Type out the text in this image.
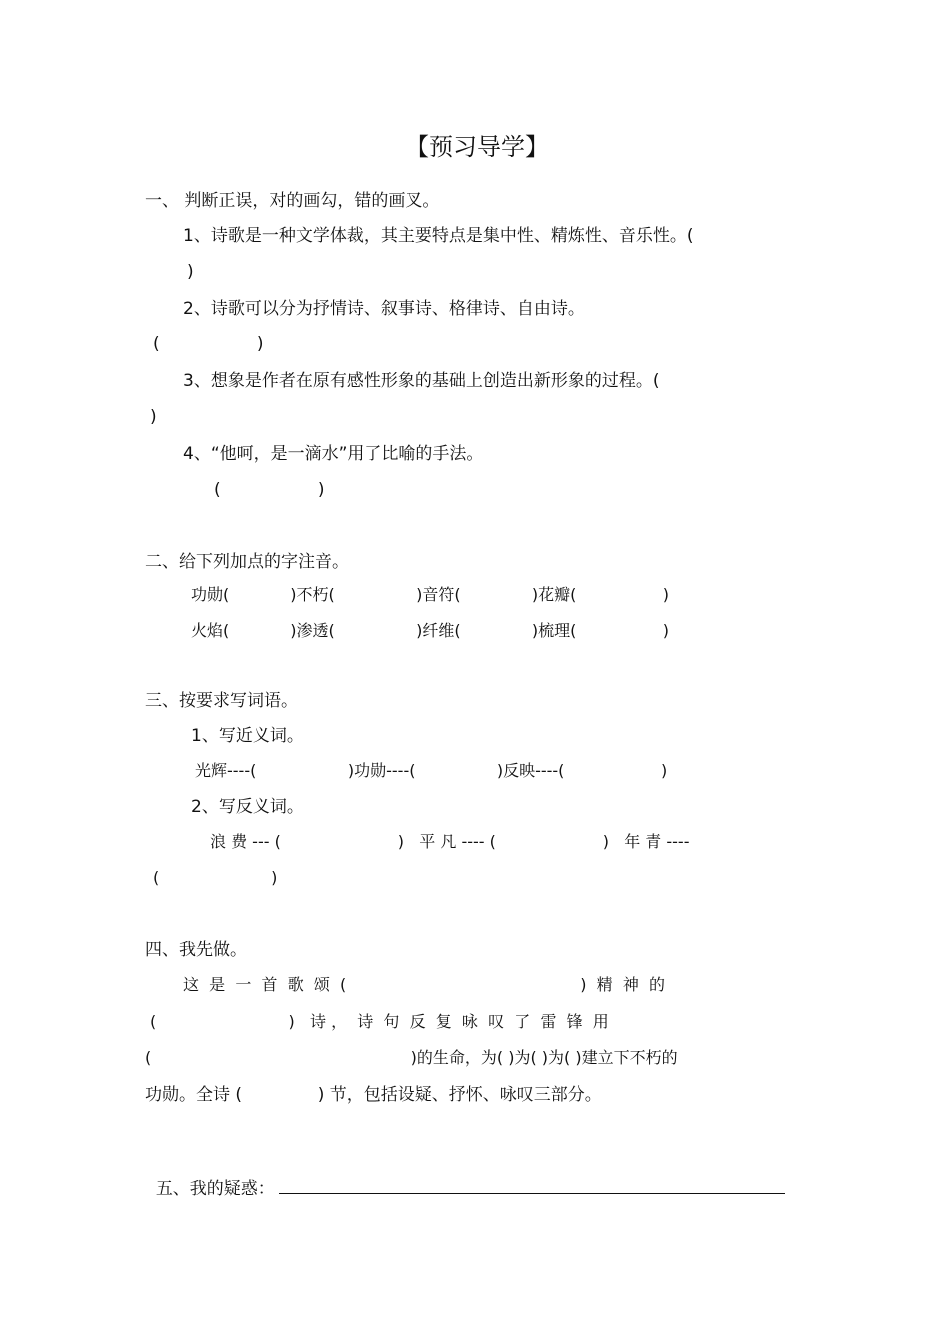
【预习导学】
一、 判断正误，对的画勾，错的画叉。
1、诗歌是一种文学体裁，其主要特点是集中性、精炼性、音乐性。(
)
2、诗歌可以分为抒情诗、叙事诗、格律诗、自由诗。
(                  )
3、想象是作者在原有感性形象的基础上创造出新形象的过程。(
)
4、“他呵，是一滴水”用了比喻的手法。
(                  )
二、给下列加点的字注音。
功勋(            )不朽(                )音符(              )花瓣(                 )
火焰(            )渗透(                )纤维(              )梳理(                 )
三、按要求写词语。
1、写近义词。
光辉----(                  )功勋----(                )反映----(                   )
2、写反义词。
浪 费 --- (                       )   平 凡 ---- (                     )   年 青 ----
(                      )
四、我先做。
这  是  一  首  歌  颂  (                                              )  精  神  的
(                          )   诗 ，  诗  句  反  复  咏  叹  了  雷  锋  用
(                                                   )的生命，为( )为( )为( )建立下不朽的
功勋。全诗 (              ) 节，包括设疑、抒怀、咏叹三部分。

五、我的疑惑：
